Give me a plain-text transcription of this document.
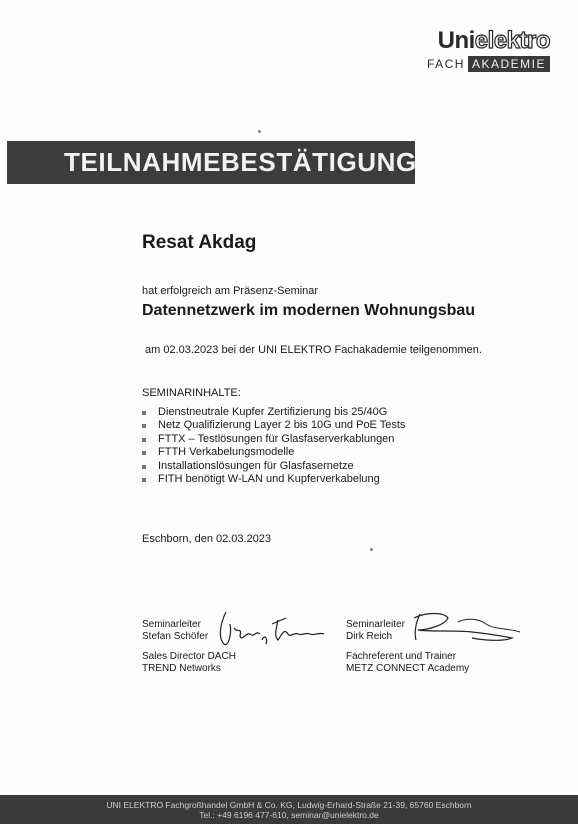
Unielektro
FACH AKADEMIE
TEILNAHMEBESTÄTIGUNG
Resat Akdag
hat erfolgreich am Präsenz-Seminar
Datennetzwerk im modernen Wohnungsbau
am 02.03.2023 bei der UNI ELEKTRO Fachakademie teilgenommen.
SEMINARINHALTE:
Dienstneutrale Kupfer Zertifizierung bis 25/40G
Netz Qualifizierung Layer 2 bis 10G und PoE Tests
FTTX – Testlösungen für Glasfaserverkablungen
FTTH Verkabelungsmodelle
Installationslösungen für Glasfasernetze
FITH benötigt W-LAN und Kupferverkabelung
Eschborn, den 02.03.2023
Seminarleiter
Stefan Schöfer
Sales Director DACH
TREND Networks
Seminarleiter
Dirk Reich
Fachreferent und Trainer
METZ CONNECT Academy
UNI ELEKTRO Fachgroßhandel GmbH & Co. KG, Ludwig-Erhard-Straße 21-39, 65760 Eschborn
Tel.: +49 6196 477-610, seminar@unielektro.de
